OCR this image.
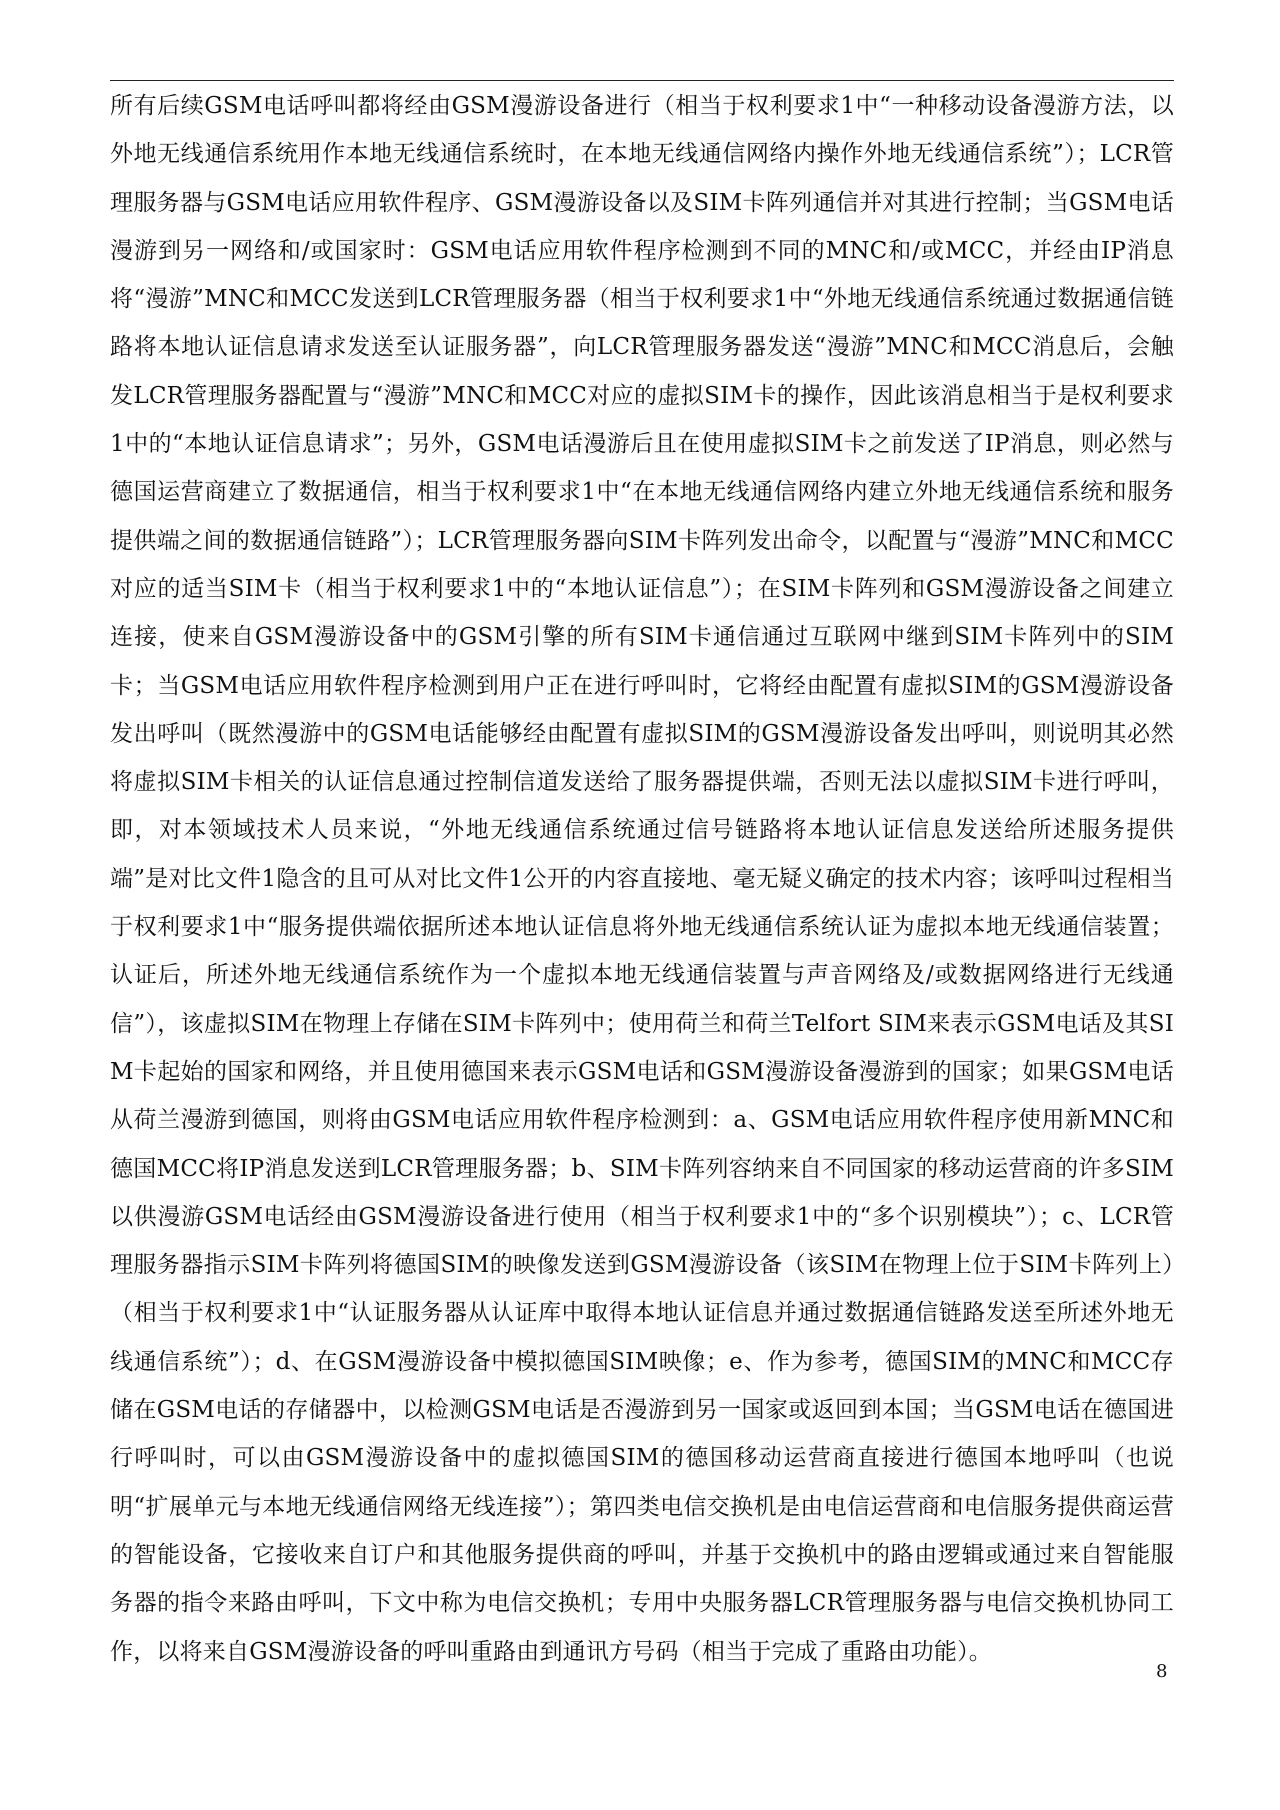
所有后续GSM电话呼叫都将经由GSM漫游设备进行（相当于权利要求1中“一种移动设备漫游方法，以外地无线通信系统用作本地无线通信系统时，在本地无线通信网络内操作外地无线通信系统”）；LCR管理服务器与GSM电话应用软件程序、GSM漫游设备以及SIM卡阵列通信并对其进行控制；当GSM电话漫游到另一网络和/或国家时：GSM电话应用软件程序检测到不同的MNC和/或MCC，并经由IP消息将“漫游”MNC和MCC发送到LCR管理服务器（相当于权利要求1中“外地无线通信系统通过数据通信链路将本地认证信息请求发送至认证服务器”，向LCR管理服务器发送“漫游”MNC和MCC消息后，会触发LCR管理服务器配置与“漫游”MNC和MCC对应的虚拟SIM卡的操作，因此该消息相当于是权利要求1中的“本地认证信息请求”；另外，GSM电话漫游后且在使用虚拟SIM卡之前发送了IP消息，则必然与德国运营商建立了数据通信，相当于权利要求1中“在本地无线通信网络内建立外地无线通信系统和服务提供端之间的数据通信链路”）；LCR管理服务器向SIM卡阵列发出命令，以配置与“漫游”MNC和MCC对应的适当SIM卡（相当于权利要求1中的“本地认证信息”）；在SIM卡阵列和GSM漫游设备之间建立连接，使来自GSM漫游设备中的GSM引擎的所有SIM卡通信通过互联网中继到SIM卡阵列中的SIM卡；当GSM电话应用软件程序检测到用户正在进行呼叫时，它将经由配置有虚拟SIM的GSM漫游设备发出呼叫（既然漫游中的GSM电话能够经由配置有虚拟SIM的GSM漫游设备发出呼叫，则说明其必然将虚拟SIM卡相关的认证信息通过控制信道发送给了服务器提供端，否则无法以虚拟SIM卡进行呼叫，即，对本领域技术人员来说，“外地无线通信系统通过信号链路将本地认证信息发送给所述服务提供端”是对比文件1隐含的且可从对比文件1公开的内容直接地、毫无疑义确定的技术内容；该呼叫过程相当于权利要求1中“服务提供端依据所述本地认证信息将外地无线通信系统认证为虚拟本地无线通信装置；认证后，所述外地无线通信系统作为一个虚拟本地无线通信装置与声音网络及/或数据网络进行无线通信”），该虚拟SIM在物理上存储在SIM卡阵列中；使用荷兰和荷兰Telfort SIM来表示GSM电话及其SIM卡起始的国家和网络，并且使用德国来表示GSM电话和GSM漫游设备漫游到的国家；如果GSM电话从荷兰漫游到德国，则将由GSM电话应用软件程序检测到：a、GSM电话应用软件程序使用新MNC和德国MCC将IP消息发送到LCR管理服务器；b、SIM卡阵列容纳来自不同国家的移动运营商的许多SIM以供漫游GSM电话经由GSM漫游设备进行使用（相当于权利要求1中的“多个识别模块”）；c、LCR管理服务器指示SIM卡阵列将德国SIM的映像发送到GSM漫游设备（该SIM在物理上位于SIM卡阵列上）（相当于权利要求1中“认证服务器从认证库中取得本地认证信息并通过数据通信链路发送至所述外地无线通信系统”）；d、在GSM漫游设备中模拟德国SIM映像；e、作为参考，德国SIM的MNC和MCC存储在GSM电话的存储器中，以检测GSM电话是否漫游到另一国家或返回到本国；当GSM电话在德国进行呼叫时，可以由GSM漫游设备中的虚拟德国SIM的德国移动运营商直接进行德国本地呼叫（也说明“扩展单元与本地无线通信网络无线连接”）；第四类电信交换机是由电信运营商和电信服务提供商运营的智能设备，它接收来自订户和其他服务提供商的呼叫，并基于交换机中的路由逻辑或通过来自智能服务器的指令来路由呼叫，下文中称为电信交换机；专用中央服务器LCR管理服务器与电信交换机协同工作，以将来自GSM漫游设备的呼叫重路由到通讯方号码（相当于完成了重路由功能）。

8
